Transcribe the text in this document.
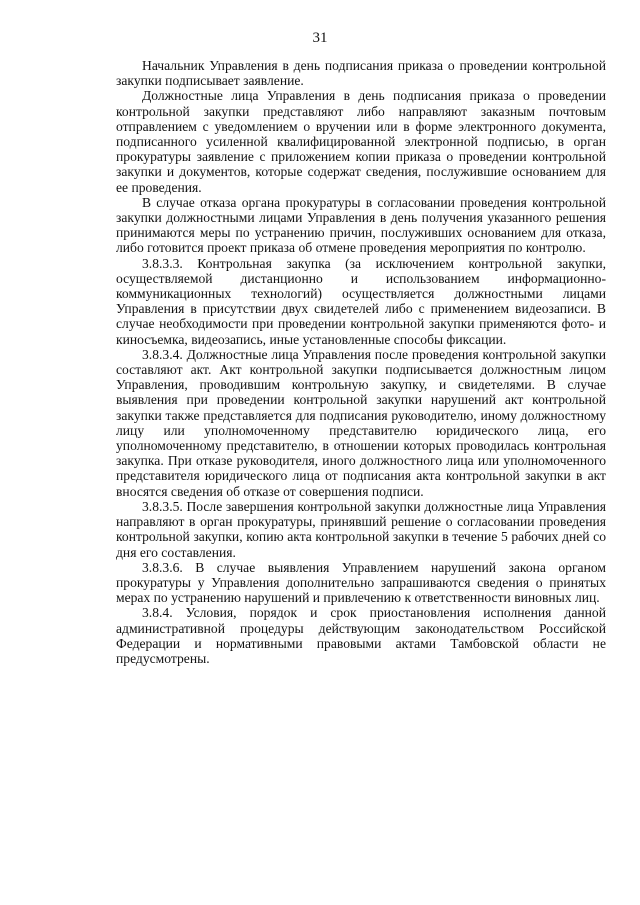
31

Начальник Управления в день подписания приказа о проведении контрольной закупки подписывает заявление.

Должностные лица Управления в день подписания приказа о проведении контрольной закупки представляют либо направляют заказным почтовым отправлением с уведомлением о вручении или в форме электронного документа, подписанного усиленной квалифицированной электронной подписью, в орган прокуратуры заявление с приложением копии приказа о проведении контрольной закупки и документов, которые содержат сведения, послужившие основанием для ее проведения.

В случае отказа органа прокуратуры в согласовании проведения контрольной закупки должностными лицами Управления в день получения указанного решения принимаются меры по устранению причин, послуживших основанием для отказа, либо готовится проект приказа об отмене проведения мероприятия по контролю.

3.8.3.3. Контрольная закупка (за исключением контрольной закупки, осуществляемой дистанционно и использованием информационно-коммуникационных технологий) осуществляется должностными лицами Управления в присутствии двух свидетелей либо с применением видеозаписи. В случае необходимости при проведении контрольной закупки применяются фото- и киносъемка, видеозапись, иные установленные способы фиксации.

3.8.3.4. Должностные лица Управления после проведения контрольной закупки составляют акт. Акт контрольной закупки подписывается должностным лицом Управления, проводившим контрольную закупку, и свидетелями. В случае выявления при проведении контрольной закупки нарушений акт контрольной закупки также представляется для подписания руководителю, иному должностному лицу или уполномоченному представителю юридического лица, его уполномоченному представителю, в отношении которых проводилась контрольная закупка. При отказе руководителя, иного должностного лица или уполномоченного представителя юридического лица от подписания акта контрольной закупки в акт вносятся сведения об отказе от совершения подписи.

3.8.3.5. После завершения контрольной закупки должностные лица Управления направляют в орган прокуратуры, принявший решение о согласовании проведения контрольной закупки, копию акта контрольной закупки в течение 5 рабочих дней со дня его составления.

3.8.3.6. В случае выявления Управлением нарушений закона органом прокуратуры у Управления дополнительно запрашиваются сведения о принятых мерах по устранению нарушений и привлечению к ответственности виновных лиц.

3.8.4. Условия, порядок и срок приостановления исполнения данной административной процедуры действующим законодательством Российской Федерации и нормативными правовыми актами Тамбовской области не предусмотрены.
